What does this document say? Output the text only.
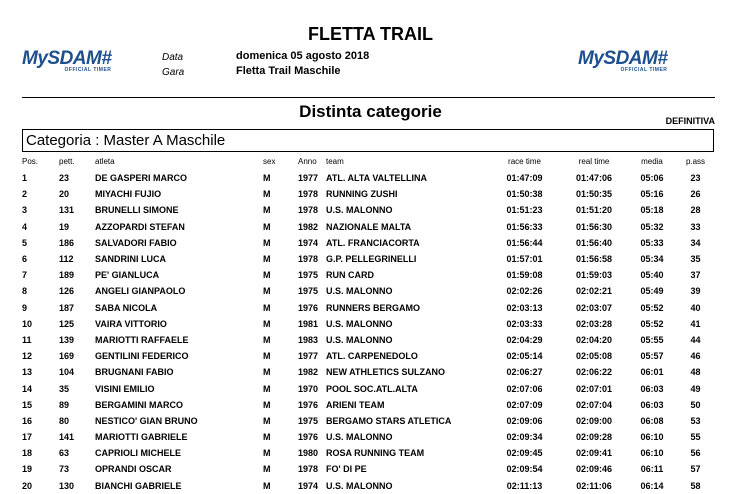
FLETTA TRAIL
MySDAM#
OFFICIAL TIMER
Data
Gara
domenica 05 agosto 2018
Fletta Trail Maschile
MySDAM#
OFFICIAL TIMER
Distinta categorie	DEFINITIVA
Categoria : Master A Maschile
Pos.	pett.	atleta	sex	Anno	team	race time	real time	media	p.ass
1	23	DE GASPERI MARCO	M	1977	ATL. ALTA VALTELLINA	01:47:09	01:47:06	05:06	23
2	20	MIYACHI FUJIO	M	1978	RUNNING ZUSHI	01:50:38	01:50:35	05:16	26
3	131	BRUNELLI SIMONE	M	1978	U.S. MALONNO	01:51:23	01:51:20	05:18	28
4	19	AZZOPARDI STEFAN	M	1982	NAZIONALE MALTA	01:56:33	01:56:30	05:32	33
5	186	SALVADORI FABIO	M	1974	ATL. FRANCIACORTA	01:56:44	01:56:40	05:33	34
6	112	SANDRINI LUCA	M	1978	G.P. PELLEGRINELLI	01:57:01	01:56:58	05:34	35
7	189	PE' GIANLUCA	M	1975	RUN CARD	01:59:08	01:59:03	05:40	37
8	126	ANGELI GIANPAOLO	M	1975	U.S. MALONNO	02:02:26	02:02:21	05:49	39
9	187	SABA NICOLA	M	1976	RUNNERS BERGAMO	02:03:13	02:03:07	05:52	40
10	125	VAIRA VITTORIO	M	1981	U.S. MALONNO	02:03:33	02:03:28	05:52	41
11	139	MARIOTTI RAFFAELE	M	1983	U.S. MALONNO	02:04:29	02:04:20	05:55	44
12	169	GENTILINI FEDERICO	M	1977	ATL. CARPENEDOLO	02:05:14	02:05:08	05:57	46
13	104	BRUGNANI FABIO	M	1982	NEW ATHLETICS SULZANO	02:06:27	02:06:22	06:01	48
14	35	VISINI EMILIO	M	1970	POOL SOC.ATL.ALTA	02:07:06	02:07:01	06:03	49
15	89	BERGAMINI MARCO	M	1976	ARIENI TEAM	02:07:09	02:07:04	06:03	50
16	80	NESTICO' GIAN BRUNO	M	1975	BERGAMO STARS ATLETICA	02:09:06	02:09:00	06:08	53
17	141	MARIOTTI GABRIELE	M	1976	U.S. MALONNO	02:09:34	02:09:28	06:10	55
18	63	CAPRIOLI MICHELE	M	1980	ROSA RUNNING TEAM	02:09:45	02:09:41	06:10	56
19	73	OPRANDI OSCAR	M	1978	FO' DI PE	02:09:54	02:09:46	06:11	57
20	130	BIANCHI GABRIELE	M	1974	U.S. MALONNO	02:11:13	02:11:06	06:14	58
